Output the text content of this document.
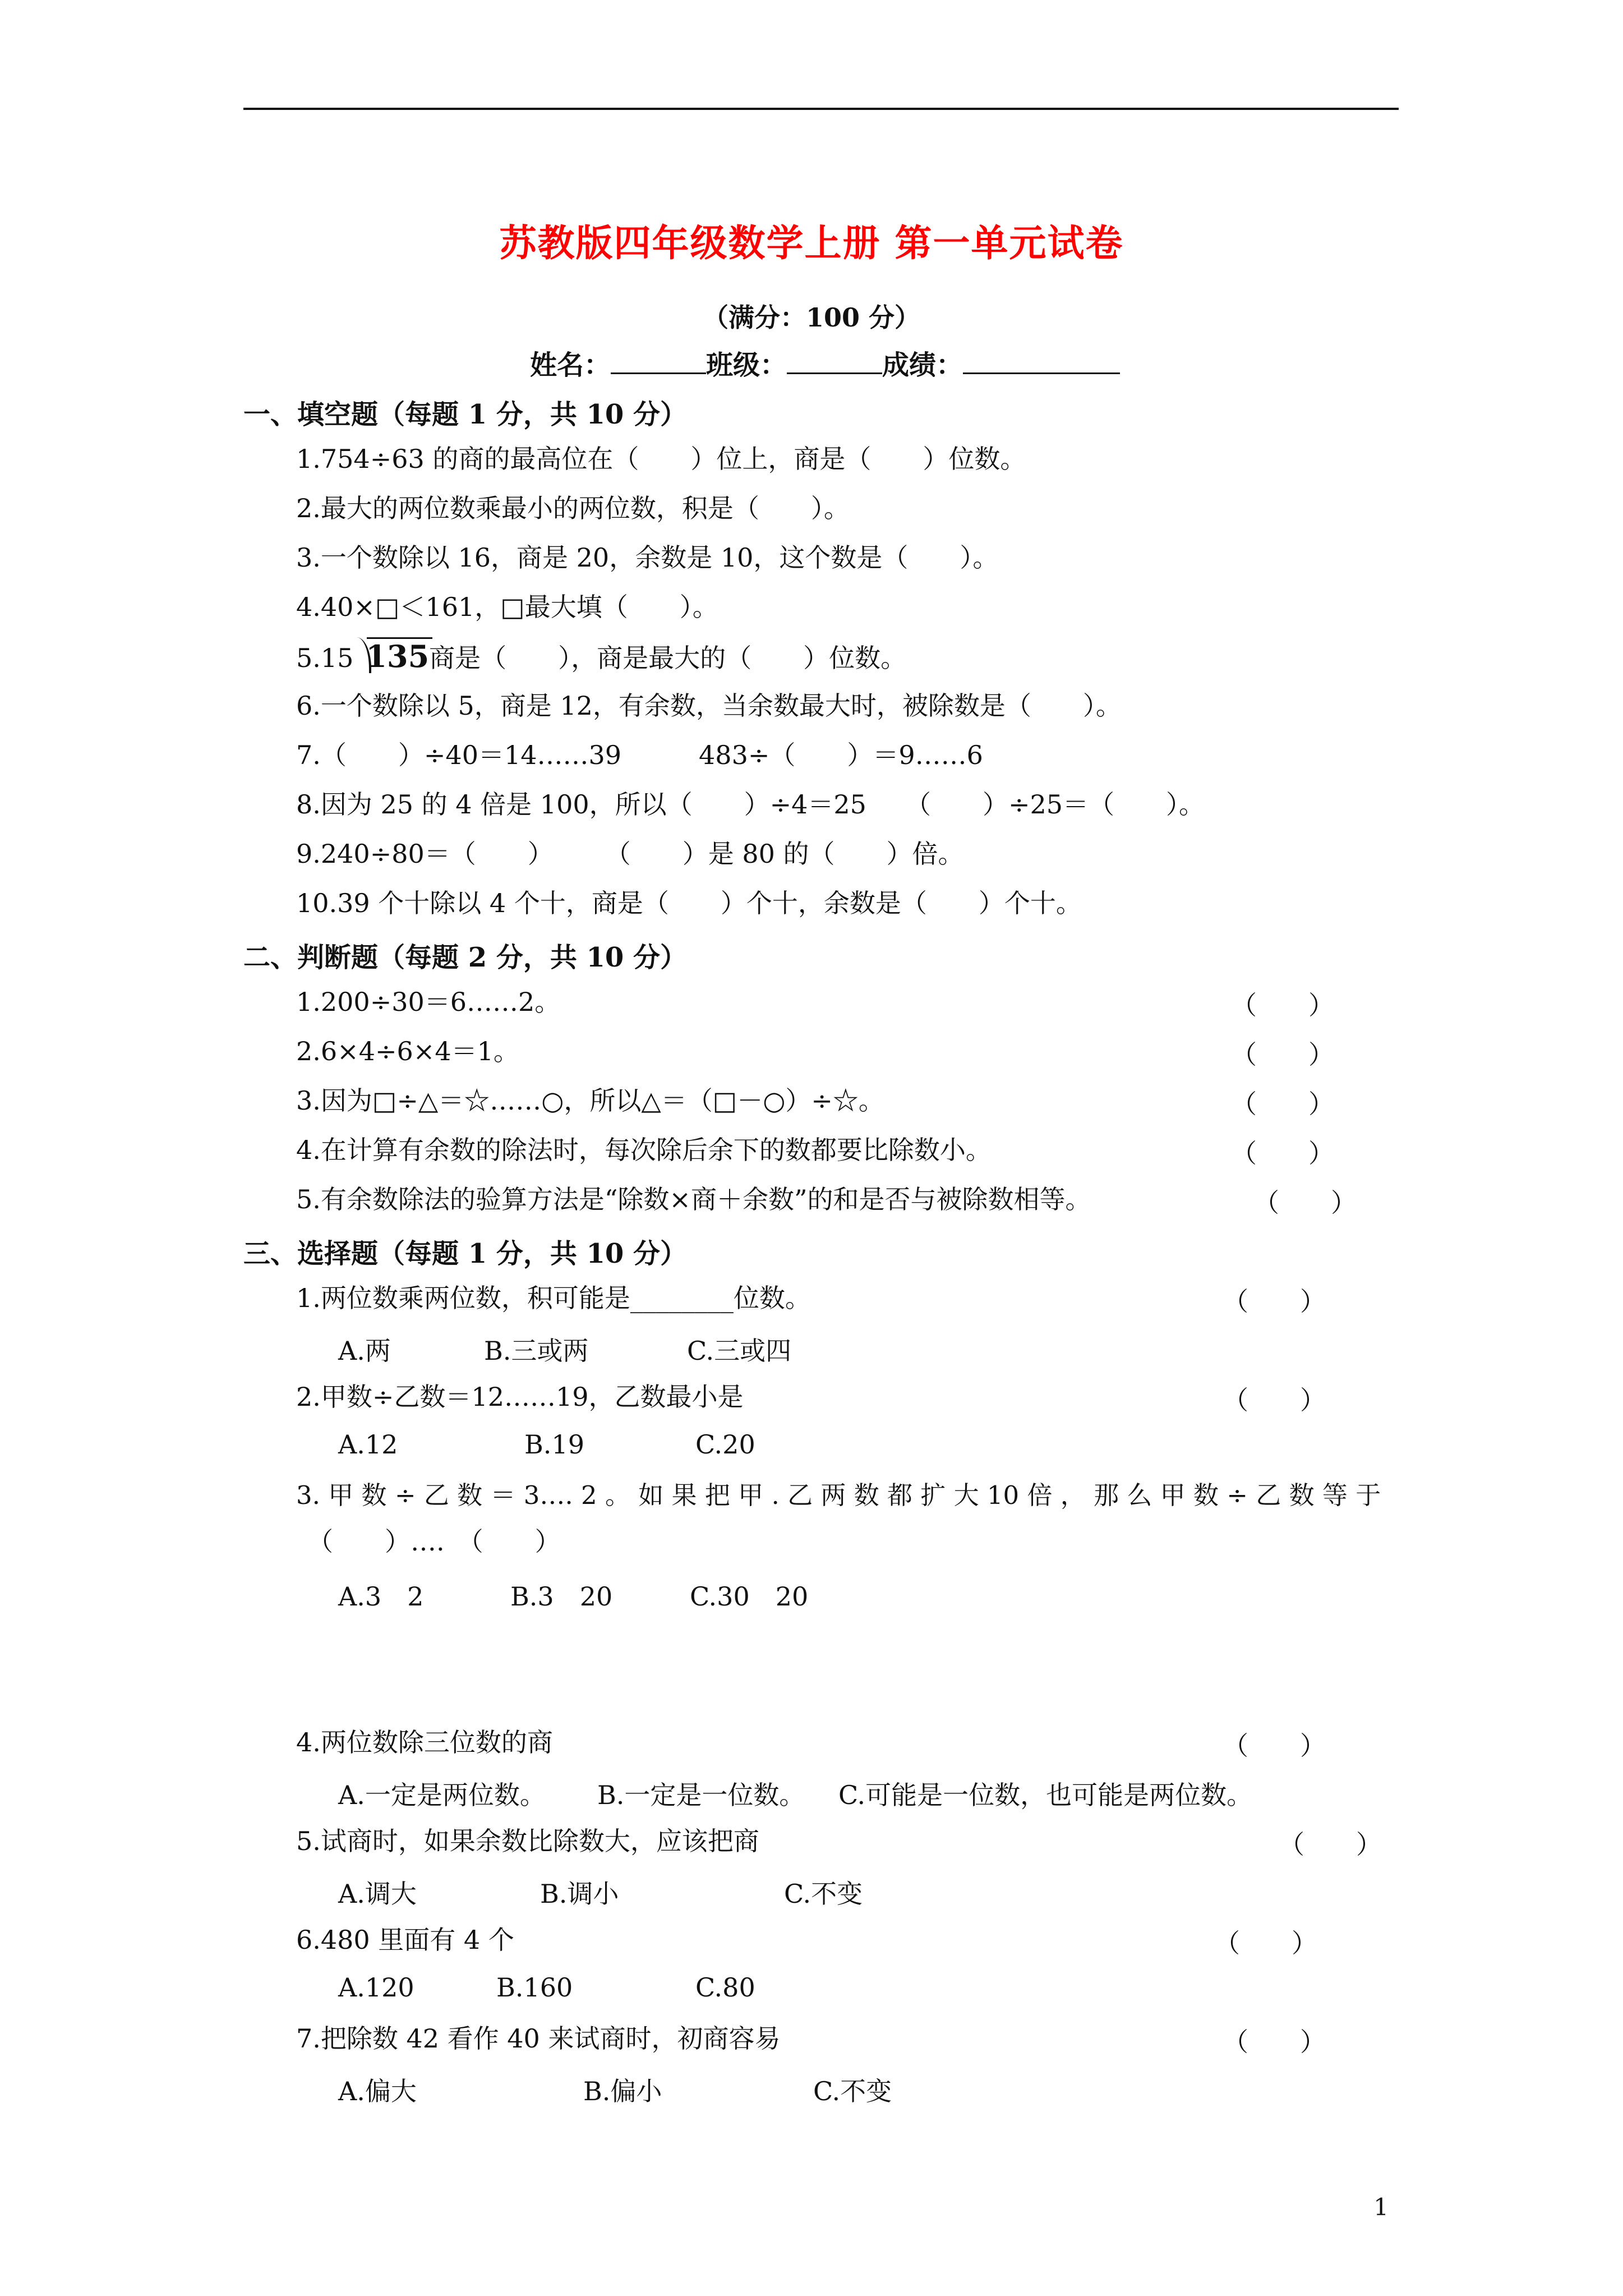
苏教版四年级数学上册 第一单元试卷
（满分：100 分）
姓名：	班级：	成绩：
一、填空题（每题 1 分，共 10 分）
1.754÷63 的商的最高位在（　　）位上，商是（　　）位数。
2.最大的两位数乘最小的两位数，积是（　　）。
3.一个数除以 16，商是 20，余数是 10，这个数是（　　）。
4.40×□＜161，□最大填（　　）。
5.15 135商是（　　），商是最大的（　　）位数。
6.一个数除以 5，商是 12，有余数，当余数最大时，被除数是（　　）。
7.（　　）÷40＝14……39　　　483÷（　　）＝9……6
8.因为 25 的 4 倍是 100，所以（　　）÷4＝25　　（　　）÷25＝（　　）。
9.240÷80＝（　　）　　　（　　）是 80 的（　　）倍。
10.39 个十除以 4 个十，商是（　　）个十，余数是（　　）个十。
二、判断题（每题 2 分，共 10 分）
1.200÷30＝6……2。	（　　）
2.6×4÷6×4＝1。	（　　）
3.因为□÷△＝☆……○，所以△＝（□－○）÷☆。	（　　）
4.在计算有余数的除法时，每次除后余下的数都要比除数小。	（　　）
5.有余数除法的验算方法是“除数×商＋余数”的和是否与被除数相等。	（　　）
三、选择题（每题 1 分，共 10 分）
1.两位数乘两位数，积可能是________位数。	（　　）
A.两	B.三或两	C.三或四
2.甲数÷乙数＝12……19，乙数最小是	（　　）
A.12	B.19	C.20
3. 甲 数 ÷ 乙 数 ＝ 3…. 2 。 如 果 把 甲 . 乙 两 数 都 扩 大 10 倍 ， 那 么 甲 数 ÷ 乙 数 等 于
（　　）….　（　　）
A.3　2	B.3　20	C.30　20
4.两位数除三位数的商	（　　）
A.一定是两位数。 B.一定是一位数。 C.可能是一位数，也可能是两位数。
5.试商时，如果余数比除数大，应该把商	（　　）
A.调大	B.调小	C.不变
6.480 里面有 4 个	（　　）
A.120	B.160	C.80
7.把除数 42 看作 40 来试商时，初商容易	（　　）
A.偏大	B.偏小	C.不变
1
